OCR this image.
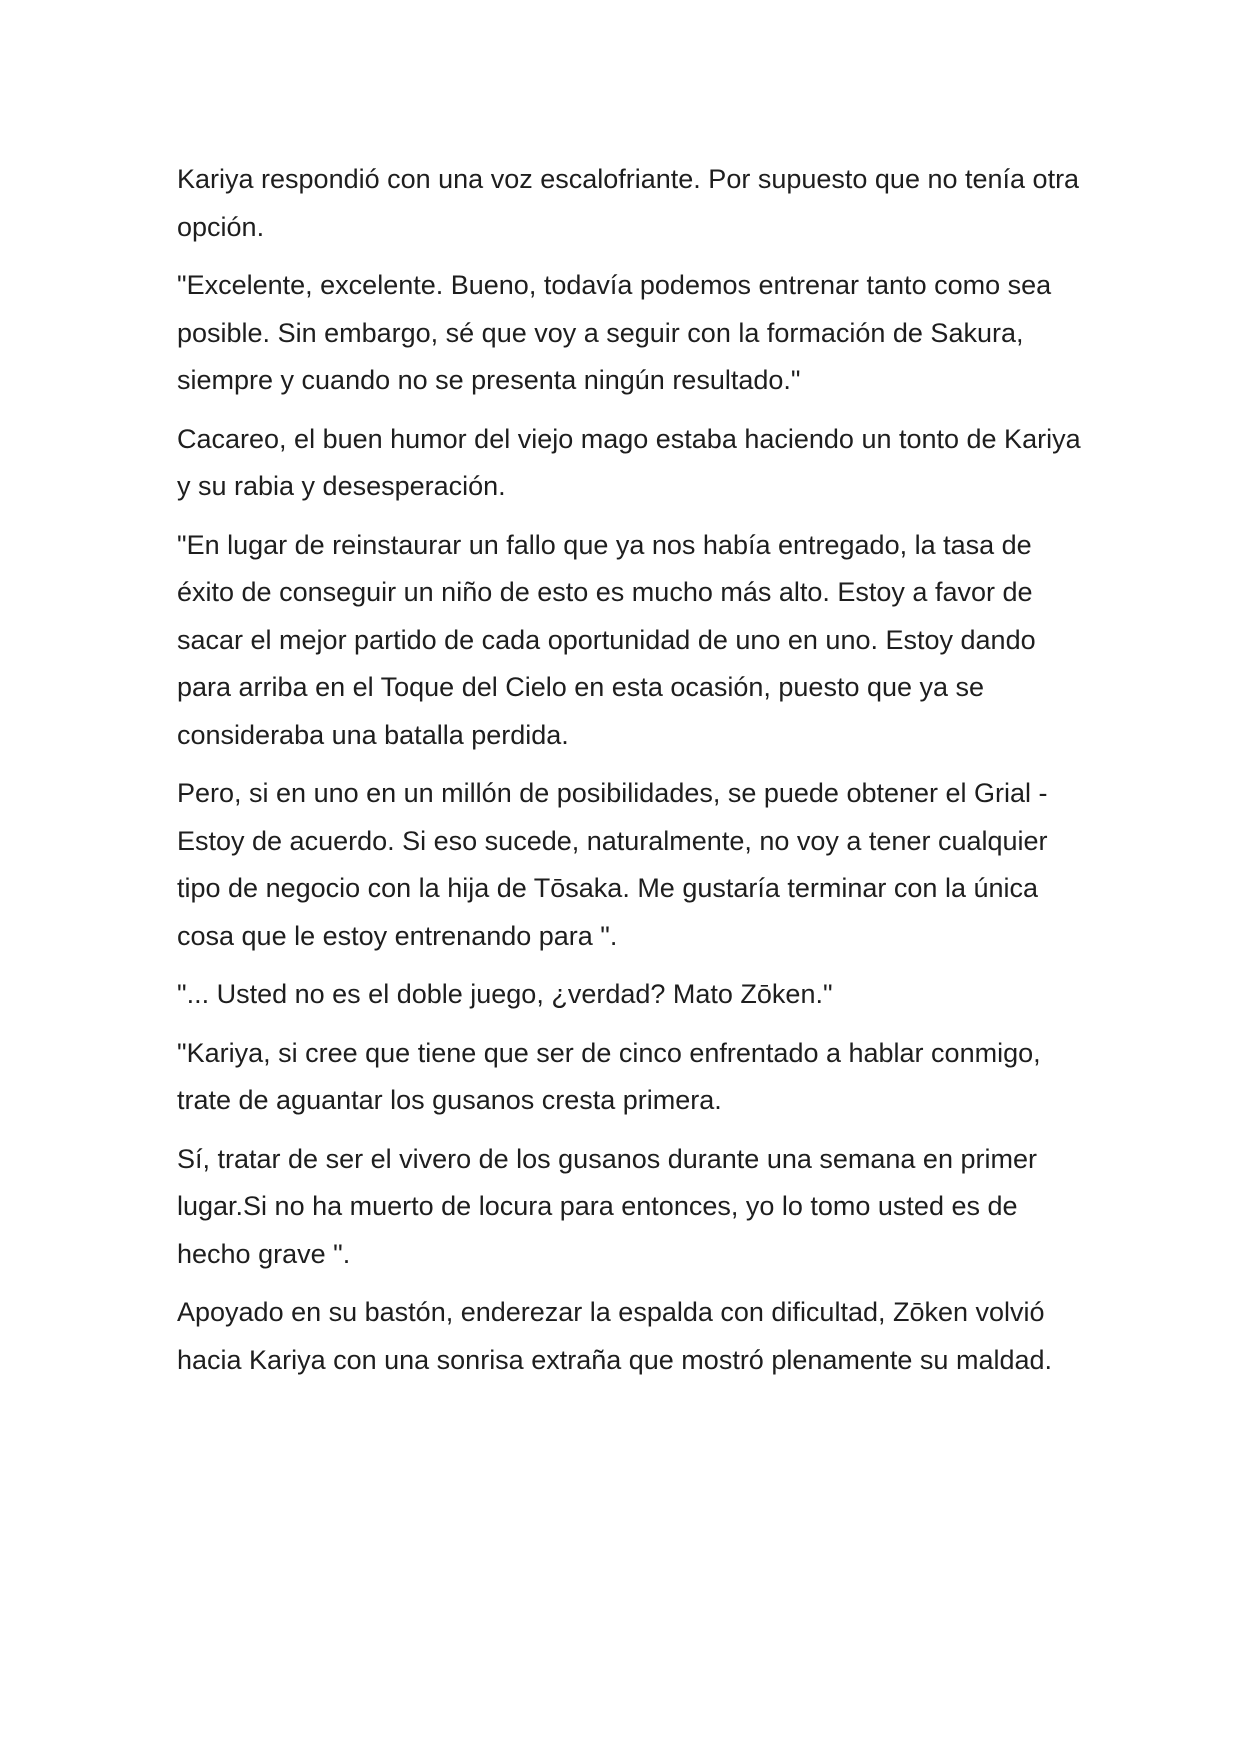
Kariya respondió con una voz escalofriante. Por supuesto que no tenía otra opción.

"Excelente, excelente. Bueno, todavía podemos entrenar tanto como sea posible. Sin embargo, sé que voy a seguir con la formación de Sakura, siempre y cuando no se presenta ningún resultado."

Cacareo, el buen humor del viejo mago estaba haciendo un tonto de Kariya y su rabia y desesperación.

"En lugar de reinstaurar un fallo que ya nos había entregado, la tasa de éxito de conseguir un niño de esto es mucho más alto. Estoy a favor de sacar el mejor partido de cada oportunidad de uno en uno. Estoy dando para arriba en el Toque del Cielo en esta ocasión, puesto que ya se consideraba una batalla perdida.

Pero, si en uno en un millón de posibilidades, se puede obtener el Grial - Estoy de acuerdo. Si eso sucede, naturalmente, no voy a tener cualquier tipo de negocio con la hija de Tōsaka. Me gustaría terminar con la única cosa que le estoy entrenando para ".

"... Usted no es el doble juego, ¿verdad? Mato Zōken."

"Kariya, si cree que tiene que ser de cinco enfrentado a hablar conmigo, trate de aguantar los gusanos cresta primera.

Sí, tratar de ser el vivero de los gusanos durante una semana en primer lugar.Si no ha muerto de locura para entonces, yo lo tomo usted es de hecho grave ".

Apoyado en su bastón, enderezar la espalda con dificultad, Zōken volvió hacia Kariya con una sonrisa extraña que mostró plenamente su maldad.
